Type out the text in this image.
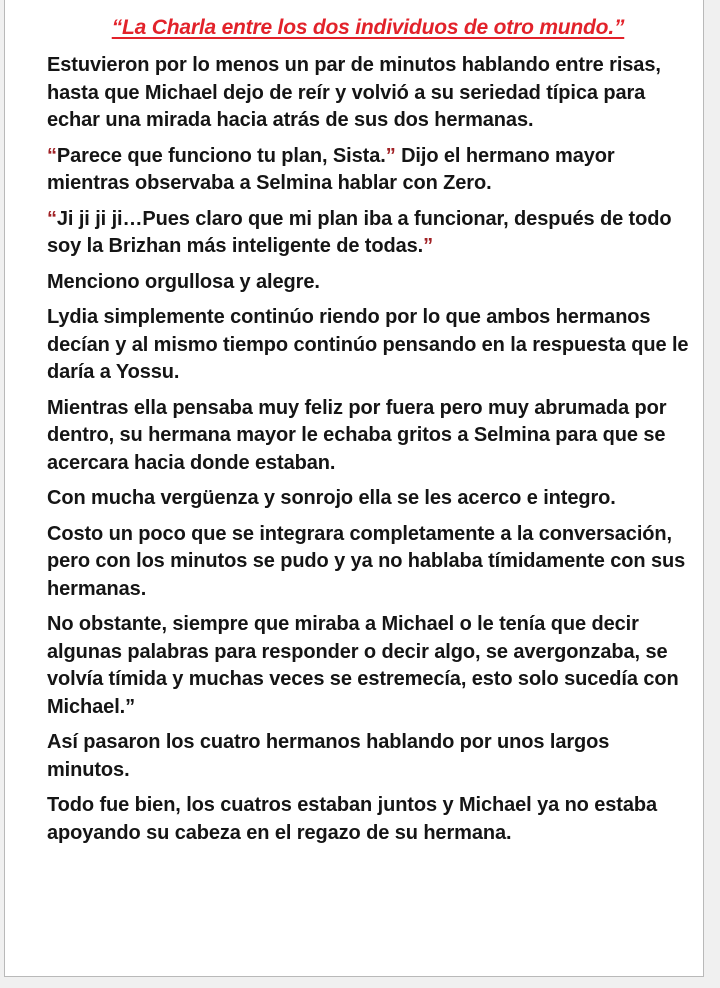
“La Charla entre los dos individuos de otro mundo.”

Estuvieron por lo menos un par de minutos hablando entre risas, hasta que Michael dejo de reír y volvió a su seriedad típica para echar una mirada hacia atrás de sus dos hermanas.

“Parece que funciono tu plan, Sista.” Dijo el hermano mayor mientras observaba a Selmina hablar con Zero.

“Ji ji ji ji…Pues claro que mi plan iba a funcionar, después de todo soy la Brizhan más inteligente de todas.”

Menciono orgullosa y alegre.

Lydia simplemente continúo riendo por lo que ambos hermanos decían y al mismo tiempo continúo pensando en la respuesta que le daría a Yossu.

Mientras ella pensaba muy feliz por fuera pero muy abrumada por dentro, su hermana mayor le echaba gritos a Selmina para que se acercara hacia donde estaban.

Con mucha vergüenza y sonrojo ella se les acerco e integro.

Costo un poco que se integrara completamente a la conversación, pero con los minutos se pudo y ya no hablaba tímidamente con sus hermanas.

No obstante, siempre que miraba a Michael o le tenía que decir algunas palabras para responder o decir algo, se avergonzaba, se volvía tímida y muchas veces se estremecía, esto solo sucedía con Michael.”

Así pasaron los cuatro hermanos hablando por unos largos minutos.

Todo fue bien, los cuatros estaban juntos y Michael ya no estaba apoyando su cabeza en el regazo de su hermana.
